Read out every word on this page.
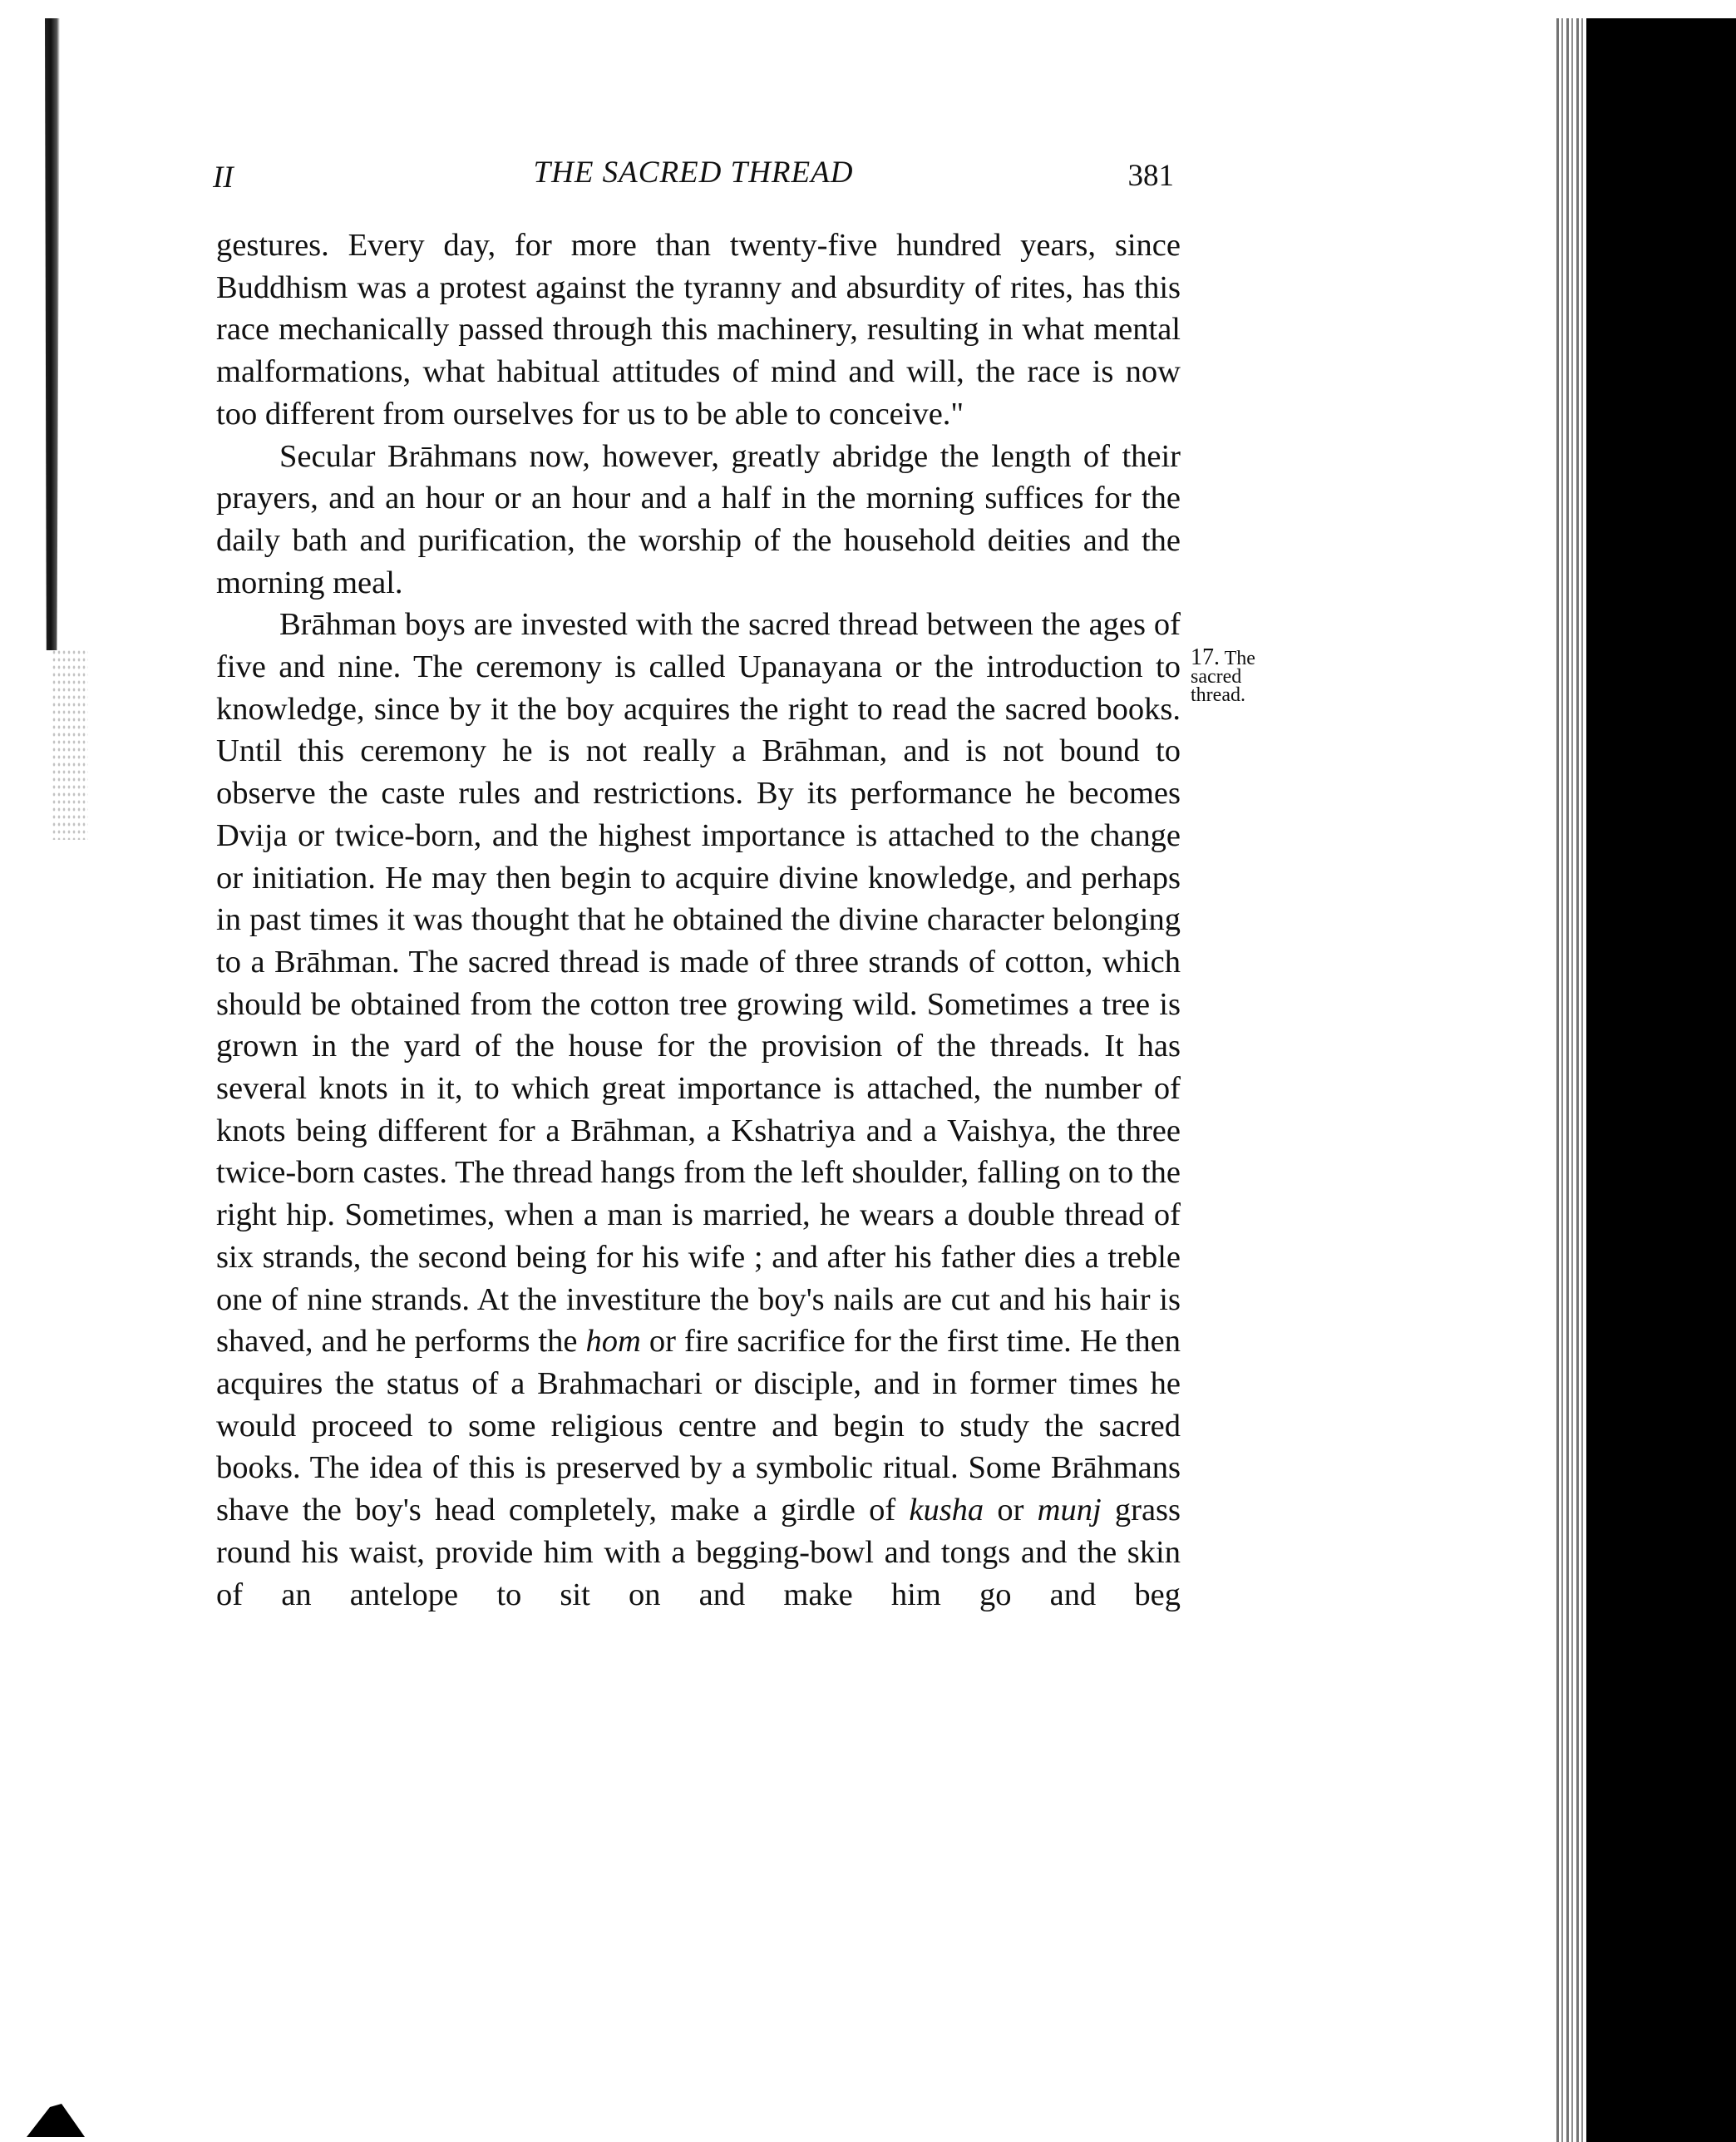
II	THE SACRED THREAD	381

gestures. Every day, for more than twenty-five hundred years, since Buddhism was a protest against the tyranny and absurdity of rites, has this race mechanically passed through this machinery, resulting in what mental malformations, what habitual attitudes of mind and will, the race is now too different from ourselves for us to be able to conceive."

Secular Brāhmans now, however, greatly abridge the length of their prayers, and an hour or an hour and a half in the morning suffices for the daily bath and purification, the worship of the household deities and the morning meal.

Brāhman boys are invested with the sacred thread between the ages of five and nine. The ceremony is called Upanayana or the introduction to knowledge, since by it the boy acquires the right to read the sacred books. Until this ceremony he is not really a Brāhman, and is not bound to observe the caste rules and restrictions. By its performance he becomes Dvija or twice-born, and the highest importance is attached to the change or initiation. He may then begin to acquire divine knowledge, and perhaps in past times it was thought that he obtained the divine character belonging to a Brāhman. The sacred thread is made of three strands of cotton, which should be obtained from the cotton tree growing wild. Sometimes a tree is grown in the yard of the house for the provision of the threads. It has several knots in it, to which great importance is attached, the number of knots being different for a Brāhman, a Kshatriya and a Vaishya, the three twice-born castes. The thread hangs from the left shoulder, falling on to the right hip. Sometimes, when a man is married, he wears a double thread of six strands, the second being for his wife ; and after his father dies a treble one of nine strands. At the investiture the boy's nails are cut and his hair is shaved, and he performs the hom or fire sacrifice for the first time. He then acquires the status of a Brahmachari or disciple, and in former times he would proceed to some religious centre and begin to study the sacred books. The idea of this is preserved by a symbolic ritual. Some Brāhmans shave the boy's head completely, make a girdle of kusha or munj grass round his waist, provide him with a begging-bowl and tongs and the skin of an antelope to sit on and make him go and beg

17. The sacred thread.
